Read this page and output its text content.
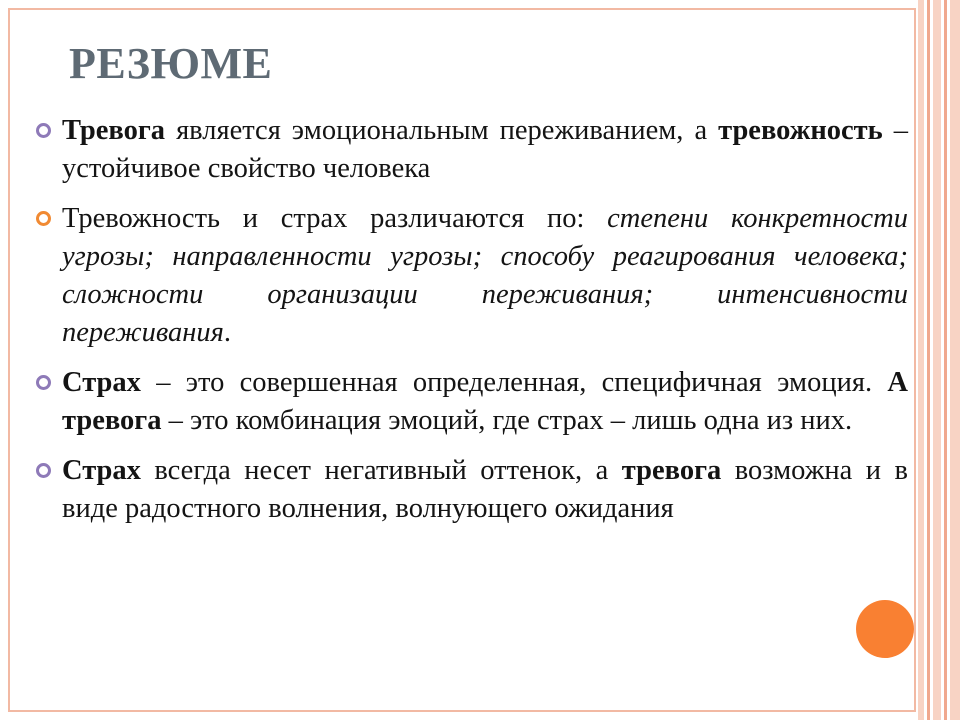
РЕЗЮМЕ
Тревога является эмоциональным переживанием, а тревожность – устойчивое свойство человека
Тревожность и страх различаются по: степени конкретности угрозы; направленности угрозы; способу реагирования человека; сложности организации переживания; интенсивности переживания.
Страх – это совершенная определенная, специфичная эмоция. А тревога – это комбинация эмоций, где страх – лишь одна из них.
Страх всегда несет негативный оттенок, а тревога возможна и в виде радостного волнения, волнующего ожидания
